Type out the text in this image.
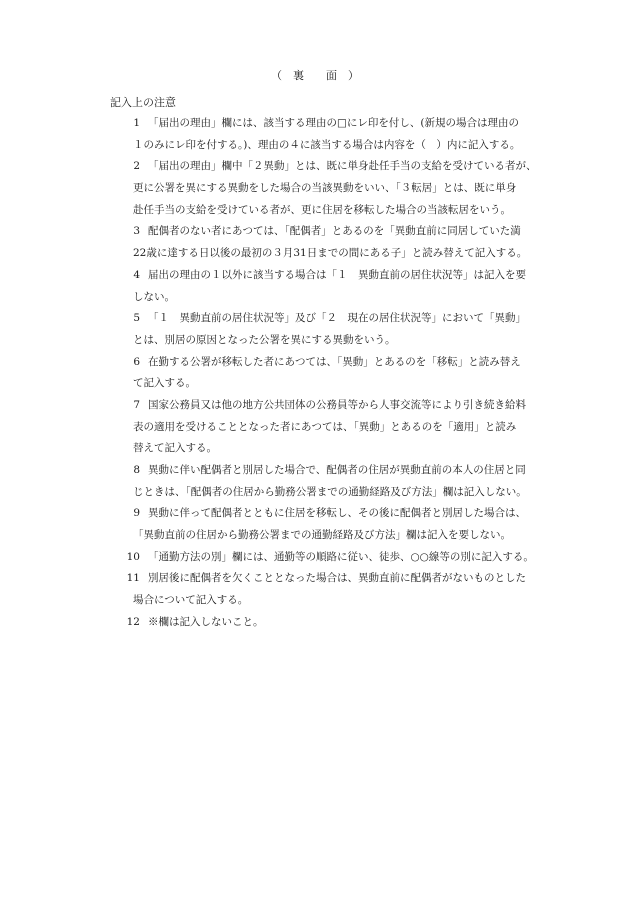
（　裏　　面　）
記入上の注意
1 「届出の理由」欄には、該当する理由の□にレ印を付し、(新規の場合は理由の
１のみにレ印を付する。)、理由の４に該当する場合は内容を（　）内に記入する。
2 「届出の理由」欄中「２異動」とは、既に単身赴任手当の支給を受けている者が、
更に公署を異にする異動をした場合の当該異動をいい、「３転居」とは、既に単身
赴任手当の支給を受けている者が、更に住居を移転した場合の当該転居をいう。
3 配偶者のない者にあつては、「配偶者」とあるのを「異動直前に同居していた満
22歳に達する日以後の最初の３月31日までの間にある子」と読み替えて記入する。
4 届出の理由の１以外に該当する場合は「１　異動直前の居住状況等」は記入を要
しない。
5 「１　異動直前の居住状況等」及び「２　現在の居住状況等」において「異動」
とは、別居の原因となった公署を異にする異動をいう。
6 在勤する公署が移転した者にあつては、「異動」とあるのを「移転」と読み替え
て記入する。
7 国家公務員又は他の地方公共団体の公務員等から人事交流等により引き続き給料
表の適用を受けることとなった者にあつては、「異動」とあるのを「適用」と読み
替えて記入する。
8 異動に伴い配偶者と別居した場合で、配偶者の住居が異動直前の本人の住居と同
じときは、「配偶者の住居から勤務公署までの通勤経路及び方法」欄は記入しない。
9 異動に伴って配偶者とともに住居を移転し、その後に配偶者と別居した場合は、
「異動直前の住居から勤務公署までの通勤経路及び方法」欄は記入を要しない。
10 「通勤方法の別」欄には、通勤等の順路に従い、徒歩、○○線等の別に記入する。
11 別居後に配偶者を欠くこととなった場合は、異動直前に配偶者がないものとした
場合について記入する。
12 ※欄は記入しないこと。
